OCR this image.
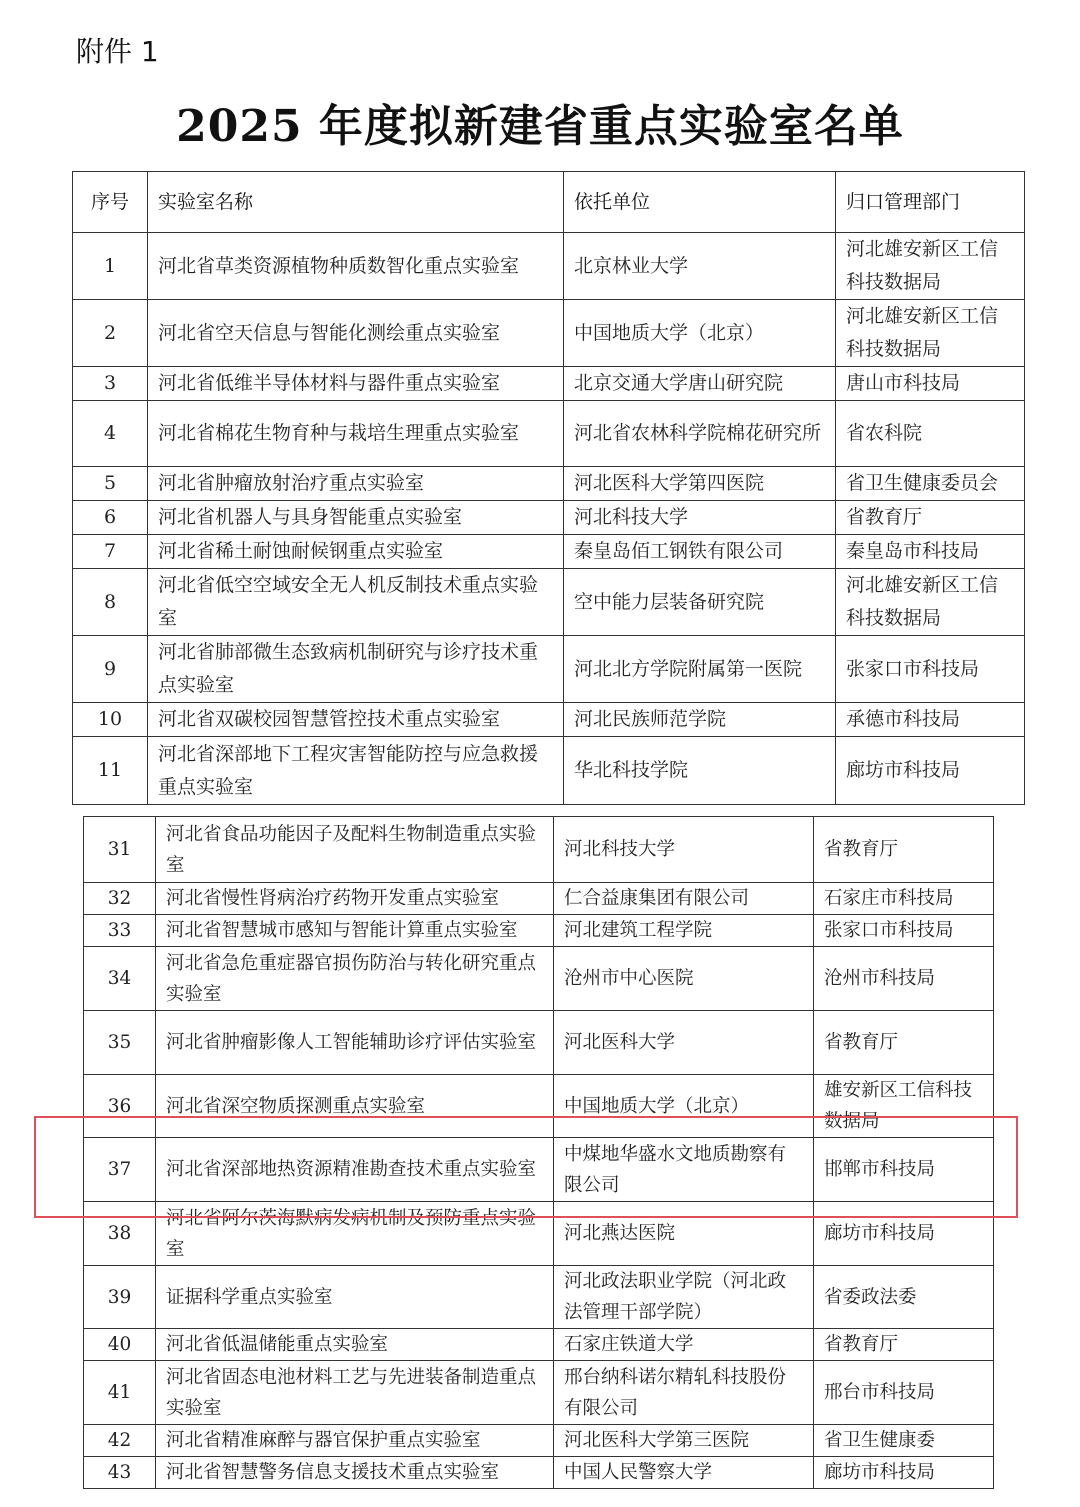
附件 1
2025 年度拟新建省重点实验室名单
序号	实验室名称	依托单位	归口管理部门
1	河北省草类资源植物种质数智化重点实验室	北京林业大学	河北雄安新区工信科技数据局
2	河北省空天信息与智能化测绘重点实验室	中国地质大学（北京）	河北雄安新区工信科技数据局
3	河北省低维半导体材料与器件重点实验室	北京交通大学唐山研究院	唐山市科技局
4	河北省棉花生物育种与栽培生理重点实验室	河北省农林科学院棉花研究所	省农科院
5	河北省肿瘤放射治疗重点实验室	河北医科大学第四医院	省卫生健康委员会
6	河北省机器人与具身智能重点实验室	河北科技大学	省教育厅
7	河北省稀土耐蚀耐候钢重点实验室	秦皇岛佰工钢铁有限公司	秦皇岛市科技局
8	河北省低空空域安全无人机反制技术重点实验室	空中能力层装备研究院	河北雄安新区工信科技数据局
9	河北省肺部微生态致病机制研究与诊疗技术重点实验室	河北北方学院附属第一医院	张家口市科技局
10	河北省双碳校园智慧管控技术重点实验室	河北民族师范学院	承德市科技局
11	河北省深部地下工程灾害智能防控与应急救援重点实验室	华北科技学院	廊坊市科技局
31	河北省食品功能因子及配料生物制造重点实验室	河北科技大学	省教育厅
32	河北省慢性肾病治疗药物开发重点实验室	仁合益康集团有限公司	石家庄市科技局
33	河北省智慧城市感知与智能计算重点实验室	河北建筑工程学院	张家口市科技局
34	河北省急危重症器官损伤防治与转化研究重点实验室	沧州市中心医院	沧州市科技局
35	河北省肿瘤影像人工智能辅助诊疗评估实验室	河北医科大学	省教育厅
36	河北省深空物质探测重点实验室	中国地质大学（北京）	雄安新区工信科技数据局
37	河北省深部地热资源精准勘查技术重点实验室	中煤地华盛水文地质勘察有限公司	邯郸市科技局
38	河北省阿尔茨海默病发病机制及预防重点实验室	河北燕达医院	廊坊市科技局
39	证据科学重点实验室	河北政法职业学院（河北政法管理干部学院）	省委政法委
40	河北省低温储能重点实验室	石家庄铁道大学	省教育厅
41	河北省固态电池材料工艺与先进装备制造重点实验室	邢台纳科诺尔精轧科技股份有限公司	邢台市科技局
42	河北省精准麻醉与器官保护重点实验室	河北医科大学第三医院	省卫生健康委
43	河北省智慧警务信息支援技术重点实验室	中国人民警察大学	廊坊市科技局
